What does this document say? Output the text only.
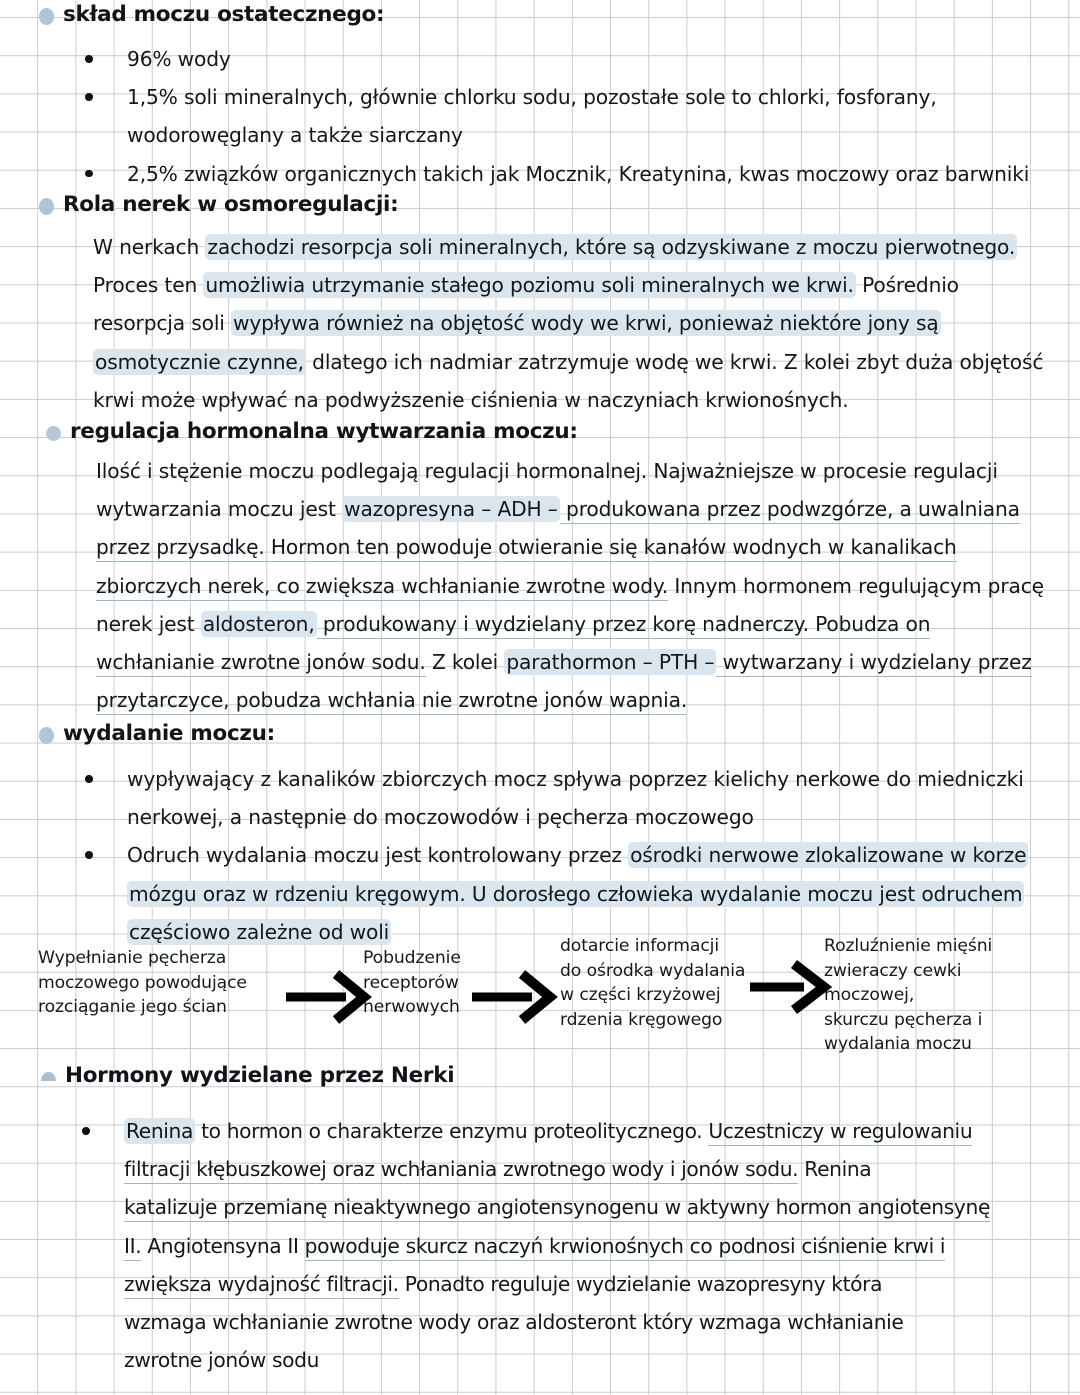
skład moczu ostatecznego:
96% wody
1,5% soli mineralnych, głównie chlorku sodu, pozostałe sole to chlorki, fosforany, wodorowęglany a także siarczany
2,5% związków organicznych takich jak Mocznik, Kreatynina, kwas moczowy oraz barwniki
Rola nerek w osmoregulacji:
W nerkach zachodzi resorpcja soli mineralnych, które są odzyskiwane z moczu pierwotnego.
Proces ten umożliwia utrzymanie stałego poziomu soli mineralnych we krwi. Pośrednio
resorpcja soli wypływa również na objętość wody we krwi, ponieważ niektóre jony są
osmotycznie czynne, dlatego ich nadmiar zatrzymuje wodę we krwi. Z kolei zbyt duża objętość
krwi może wpływać na podwyższenie ciśnienia w naczyniach krwionośnych.
regulacja hormonalna wytwarzania moczu:
Ilość i stężenie moczu podlegają regulacji hormonalnej. Najważniejsze w procesie regulacji
wytwarzania moczu jest wazopresyna – ADH – produkowana przez podwzgórze, a uwalniana
przez przysadkę. Hormon ten powoduje otwieranie się kanałów wodnych w kanalikach
zbiorczych nerek, co zwiększa wchłanianie zwrotne wody. Innym hormonem regulującym pracę
nerek jest aldosteron, produkowany i wydzielany przez korę nadnerczy. Pobudza on
wchłanianie zwrotne jonów sodu. Z kolei parathormon – PTH – wytwarzany i wydzielany przez
przytarczyce, pobudza wchłania nie zwrotne jonów wapnia.
wydalanie moczu:
wypływający z kanalików zbiorczych mocz spływa poprzez kielichy nerkowe do miedniczki
nerkowej, a następnie do moczowodów i pęcherza moczowego
Odruch wydalania moczu jest kontrolowany przez ośrodki nerwowe zlokalizowane w korze
mózgu oraz w rdzeniu kręgowym. U dorosłego człowieka wydalanie moczu jest odruchem
częściowo zależne od woli
Wypełnianie pęcherza
moczowego powodujące
rozciąganie jego ścian
Pobudzenie
receptorów
nerwowych
dotarcie informacji
do ośrodka wydalania
w części krzyżowej
rdzenia kręgowego
Rozluźnienie mięśni
zwieraczy cewki moczowej,
skurczu pęcherza i
wydalania moczu
Hormony wydzielane przez Nerki
Renina to hormon o charakterze enzymu proteolitycznego. Uczestniczy w regulowaniu
filtracji kłębuszkowej oraz wchłaniania zwrotnego wody i jonów sodu. Renina
katalizuje przemianę nieaktywnego angiotensynogenu w aktywny hormon angiotensynę
II. Angiotensyna II powoduje skurcz naczyń krwionośnych co podnosi ciśnienie krwi i
zwiększa wydajność filtracji. Ponadto reguluje wydzielanie wazopresyny która
wzmaga wchłanianie zwrotne wody oraz aldosteront który wzmaga wchłanianie
zwrotne jonów sodu
